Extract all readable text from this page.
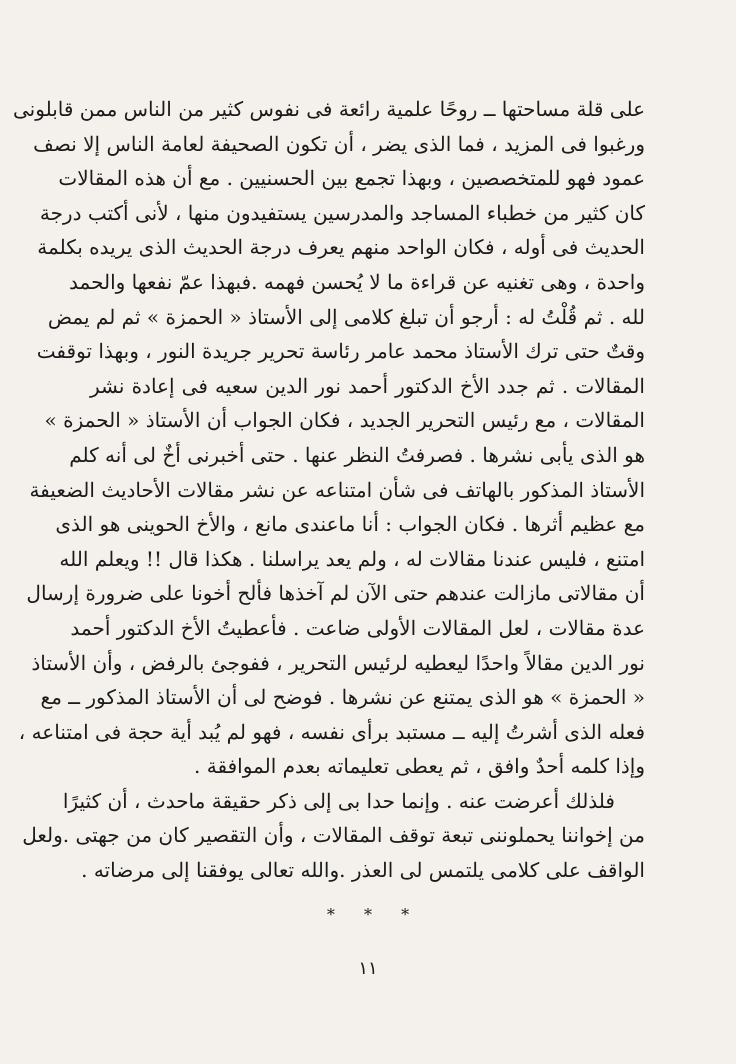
على قلة مساحتها ــ روحًا علمية رائعة فى نفوس كثير من الناس ممن قابلونى

ورغبوا فى المزيد ، فما الذى يضر ، أن تكون الصحيفة لعامة الناس إلا نصف

عمود فهو للمتخصصين ، وبهذا تجمع بين الحسنيين . مع أن هذه المقالات

كان كثير من خطباء المساجد والمدرسين يستفيدون منها ، لأنى أكتب درجة

الحديث فى أوله ، فكان الواحد منهم يعرف درجة الحديث الذى يريده بكلمة

واحدة ، وهى تغنيه عن قراءة ما لا يُحسن فهمه .فبهذا عمّ نفعها والحمد

لله . ثم قُلْتُ له : أرجو أن تبلغ كلامى إلى الأستاذ « الحمزة » ثم لم يمض

وقتٌ حتى ترك الأستاذ محمد عامر رئاسة تحرير جريدة النور ، وبهذا توقفت

المقالات . ثم جدد الأخ الدكتور أحمد نور الدين سعيه فى إعادة نشر

المقالات ، مع رئيس التحرير الجديد ، فكان الجواب أن الأستاذ « الحمزة »

هو الذى يأبى نشرها . فصرفتُ النظر عنها . حتى أخبرنى أخٌ لى أنه كلم

الأستاذ المذكور بالهاتف فى شأن امتناعه عن نشر مقالات الأحاديث الضعيفة

مع عظيم أثرها . فكان الجواب : أنا ماعندى مانع ، والأخ الحوينى هو الذى

امتنع ، فليس عندنا مقالات له ، ولم يعد يراسلنا . هكذا قال !! ويعلم الله

أن مقالاتى مازالت عندهم حتى الآن لم آخذها فألح أخونا على ضرورة إرسال

عدة مقالات ، لعل المقالات الأولى ضاعت . فأعطيتُ الأخ الدكتور أحمد

نور الدين مقالاً واحدًا ليعطيه لرئيس التحرير ، ففوجئ بالرفض ، وأن الأستاذ

« الحمزة » هو الذى يمتنع عن نشرها . فوضح لى أن الأستاذ المذكور ــ مع

فعله الذى أشرتُ إليه ــ مستبد برأى نفسه ، فهو لم يُبد أية حجة فى امتناعه ،

وإذا كلمه أحدٌ وافق ، ثم يعطى تعليماته بعدم الموافقة .

فلذلك أعرضت عنه . وإنما حدا بى إلى ذكر حقيقة ماحدث ، أن كثيرًا

من إخواننا يحملوننى تبعة توقف المقالات ، وأن التقصير كان من جهتى .ولعل

الواقف على كلامى يلتمس لى العذر .والله تعالى يوفقنا إلى مرضاته .

* * *
١١
